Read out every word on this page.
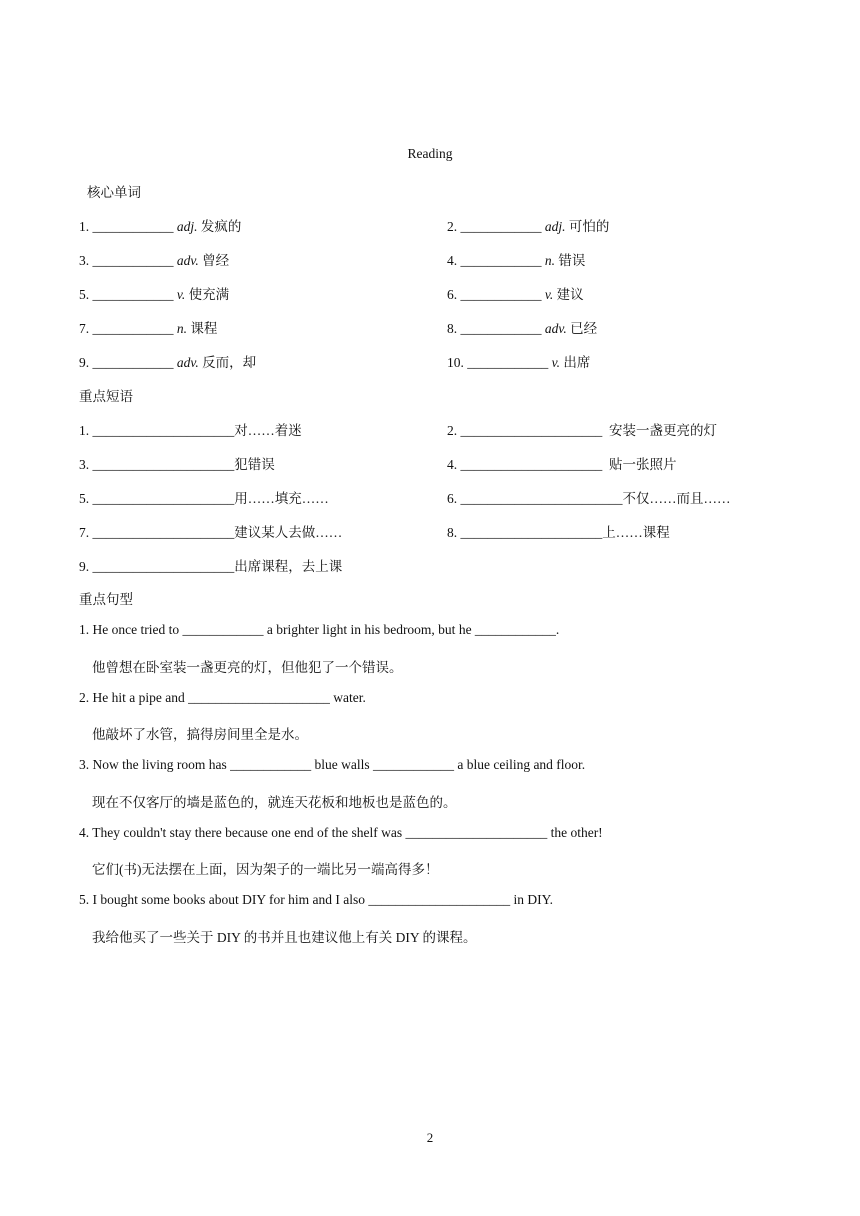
Reading
核心单词
1. ____________ adj. 发疯的	2. ____________ adj. 可怕的
3. ____________ adv. 曾经	4. ____________ n. 错误
5. ____________ v. 使充满	6. ____________ v. 建议
7. ____________ n. 课程	8. ____________ adv. 已经
9. ____________ adv. 反而，却	10. ____________ v. 出席
重点短语
1. _____________________对……着迷	2. _____________________ 安装一盏更亮的灯
3. _____________________犯错误	4. _____________________ 贴一张照片
5. _____________________用……填充……	6. ________________________不仅……而且……
7. _____________________建议某人去做……	8. _____________________上……课程
9. _____________________出席课程，去上课
重点句型
1. He once tried to ____________ a brighter light in his bedroom, but he ____________.
他曾想在卧室装一盏更亮的灯，但他犯了一个错误。
2. He hit a pipe and _____________________ water.
他敲坏了水管，搞得房间里全是水。
3. Now the living room has ____________ blue walls ____________ a blue ceiling and floor.
现在不仅客厅的墙是蓝色的，就连天花板和地板也是蓝色的。
4. They couldn't stay there because one end of the shelf was _____________________ the other!
它们(书)无法摆在上面，因为架子的一端比另一端高得多！
5. I bought some books about DIY for him and I also _____________________ in DIY.
我给他买了一些关于 DIY 的书并且也建议他上有关 DIY 的课程。
2
